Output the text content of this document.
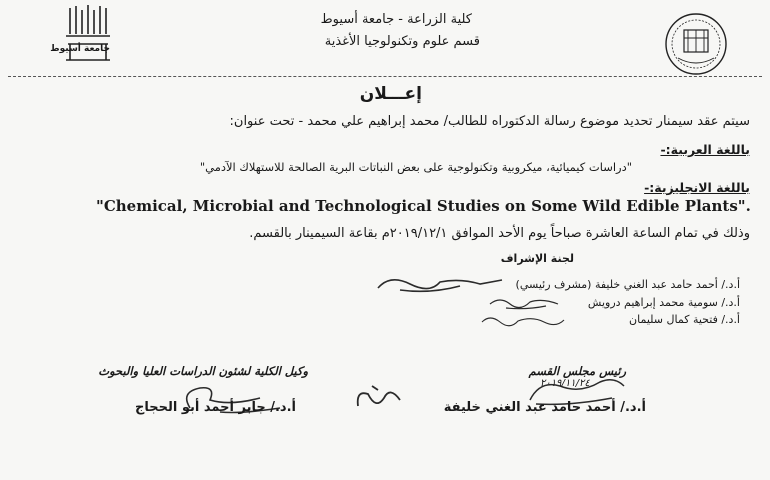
جامعة أسيوط
كلية الزراعة - جامعة أسيوط
قسم علوم وتكنولوجيا الأغذية
إعـــلان
سيتم عقد سيمنار تحديد موضوع رسالة الدكتوراه للطالب/ محمد إبراهيم علي محمد - تحت عنوان:
باللغة العربية:-
"دراسات كيميائية، ميكروبية وتكنولوجية على بعض النباتات البرية الصالحة للاستهلاك الآدمي"
باللغة الانجليزية:-
"Chemical, Microbial and Technological Studies on Some Wild Edible Plants".
وذلك في تمام الساعة العاشرة صباحاً يوم الأحد الموافق ٢٠١٩/١٢/١م بقاعة السيمينار بالقسم.
لجنة الإشراف
أ.د./ أحمد حامد عبد الغني خليفة (مشرف رئيسي)
أ.د./ سومية محمد إبراهيم درويش
أ.د./ فتحية كمال سليمان
وكيل الكلية لشئون الدراسات العليا والبحوث	رئيس مجلس القسم
٢٠١٩/١١/٢٤
أ.د./ جابر أحمد أبو الحجاج	أ.د./ أحمد حامد عبد الغني خليفة
